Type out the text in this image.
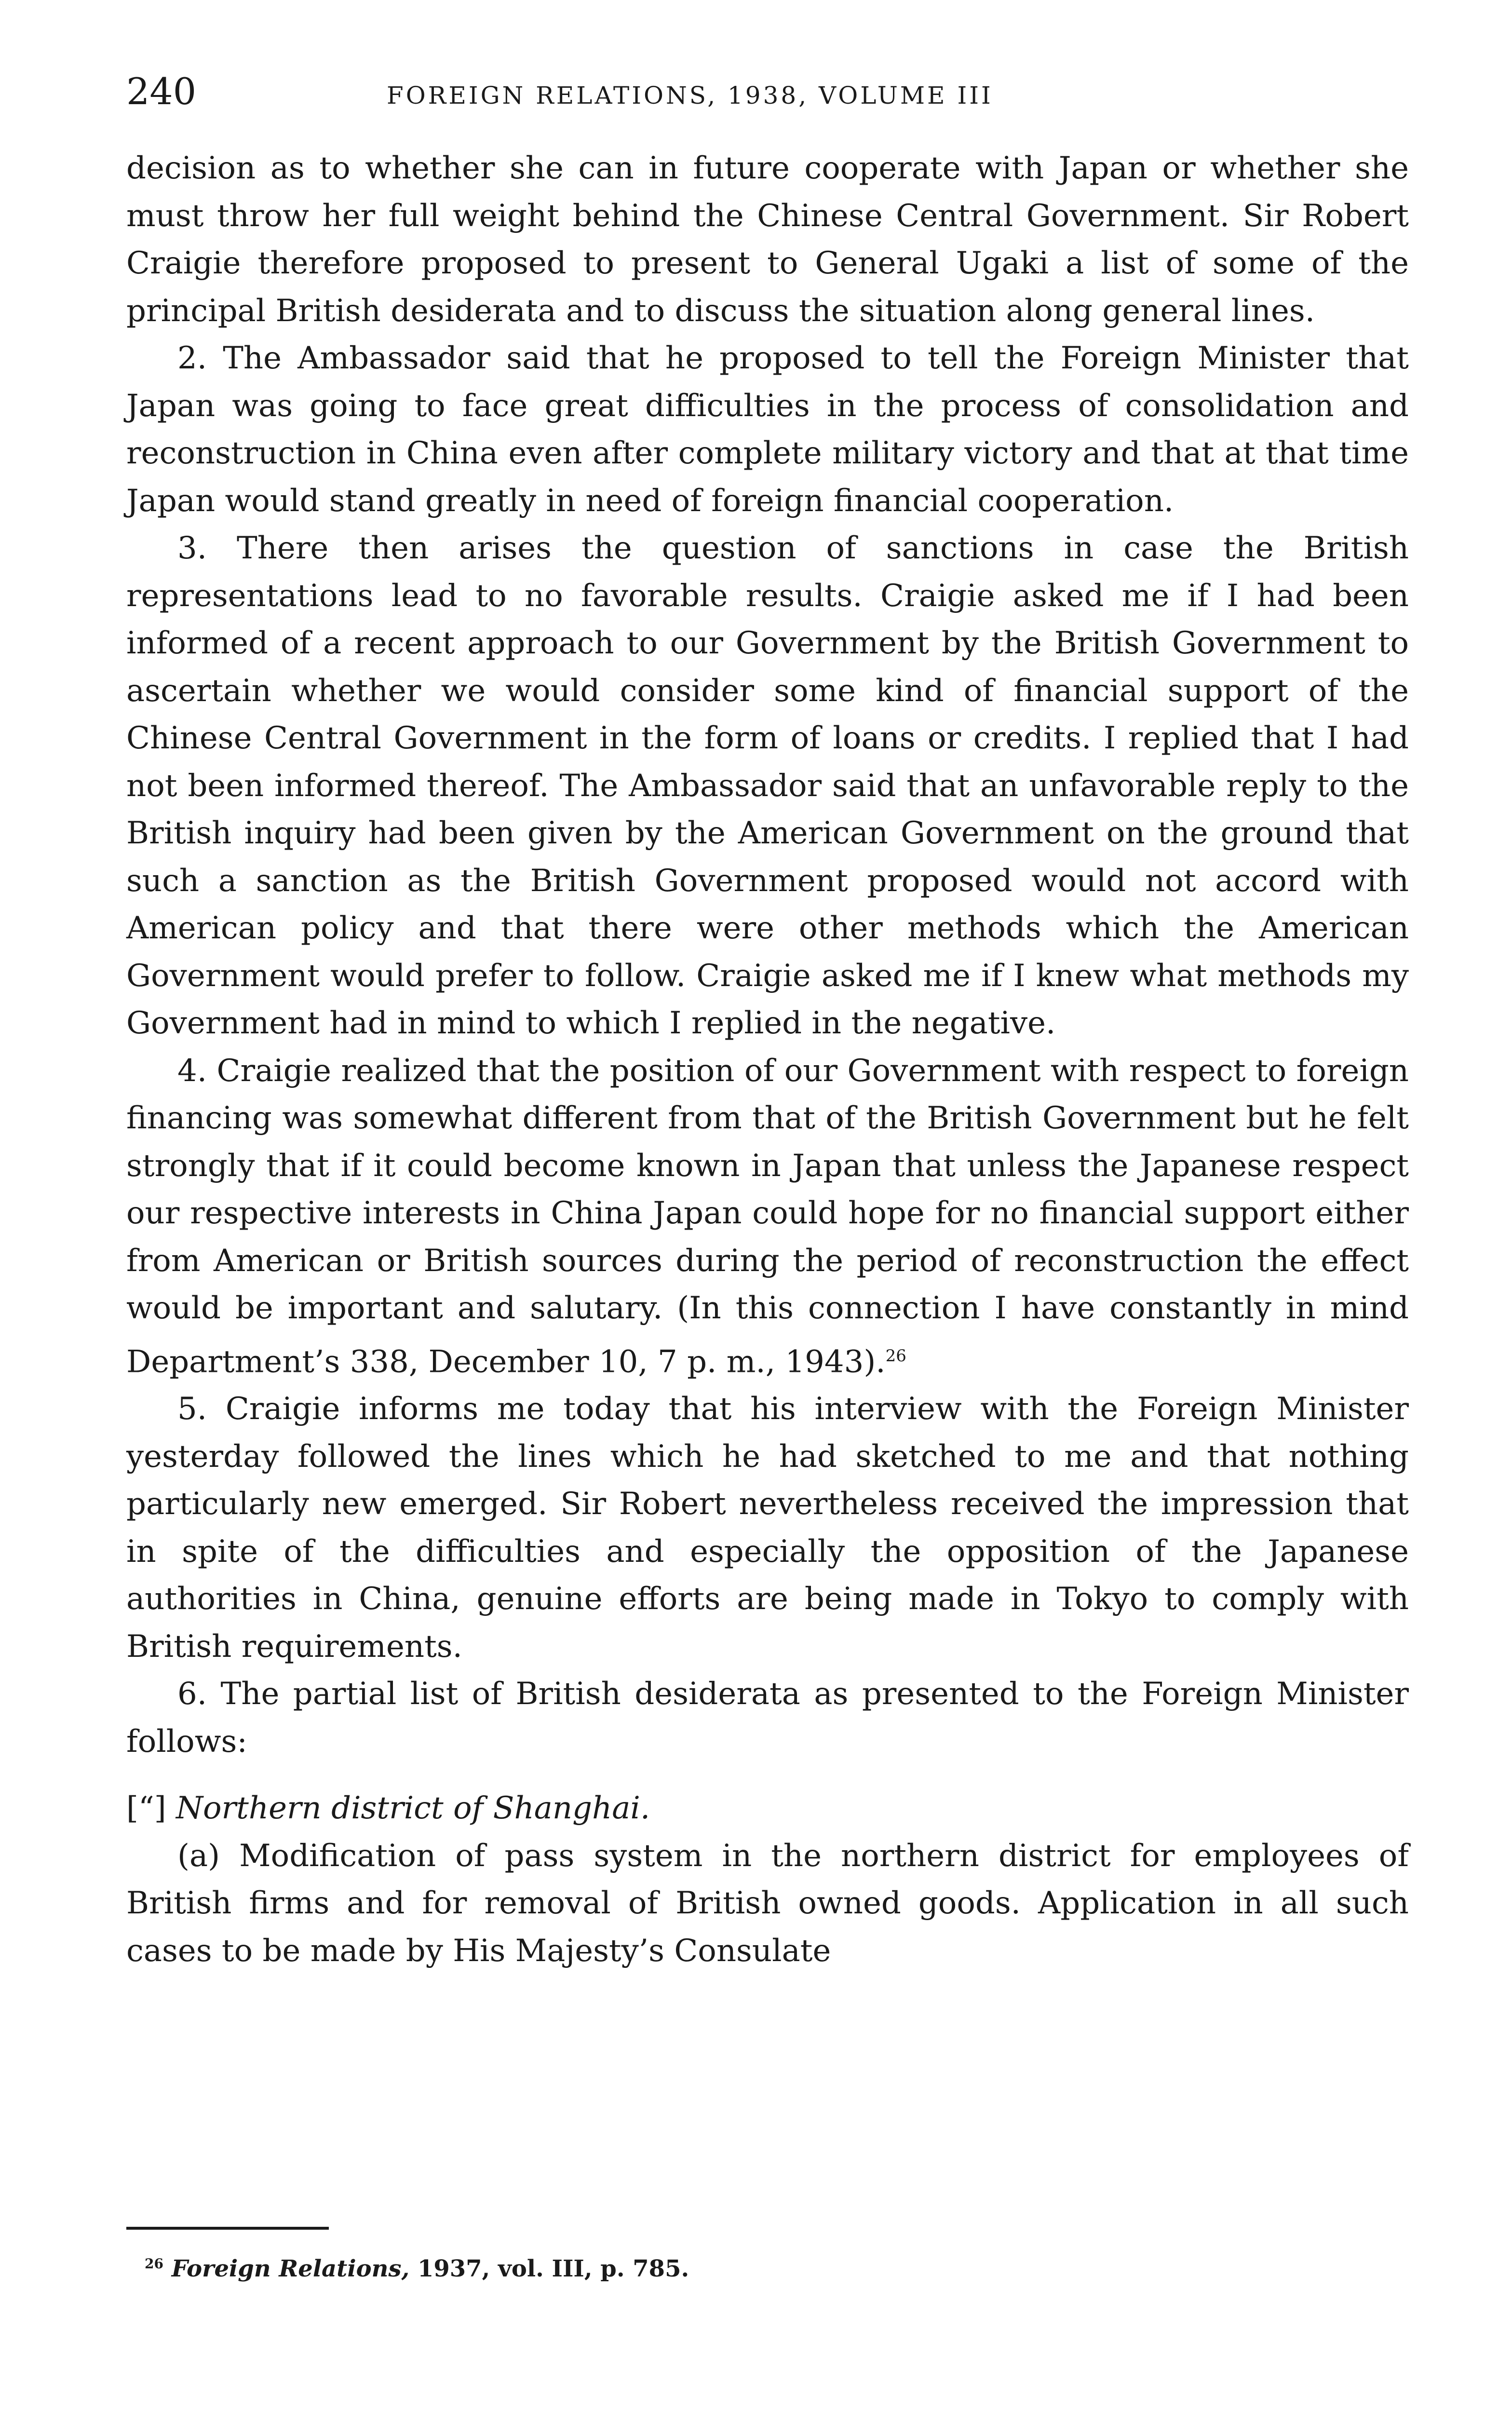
240	FOREIGN RELATIONS, 1938, VOLUME III

decision as to whether she can in future cooperate with Japan or whether she must throw her full weight behind the Chinese Central Government. Sir Robert Craigie therefore proposed to present to General Ugaki a list of some of the principal British desiderata and to discuss the situation along general lines.

2. The Ambassador said that he proposed to tell the Foreign Minister that Japan was going to face great difficulties in the process of consolidation and reconstruction in China even after complete military victory and that at that time Japan would stand greatly in need of foreign financial cooperation.

3. There then arises the question of sanctions in case the British representations lead to no favorable results. Craigie asked me if I had been informed of a recent approach to our Government by the British Government to ascertain whether we would consider some kind of financial support of the Chinese Central Government in the form of loans or credits. I replied that I had not been informed thereof. The Ambassador said that an unfavorable reply to the British inquiry had been given by the American Government on the ground that such a sanction as the British Government proposed would not accord with American policy and that there were other methods which the American Government would prefer to follow. Craigie asked me if I knew what methods my Government had in mind to which I replied in the negative.

4. Craigie realized that the position of our Government with respect to foreign financing was somewhat different from that of the British Government but he felt strongly that if it could become known in Japan that unless the Japanese respect our respective interests in China Japan could hope for no financial support either from American or British sources during the period of reconstruction the effect would be important and salutary. (In this connection I have constantly in mind Department’s 338, December 10, 7 p. m., 1943).$^{26}$

5. Craigie informs me today that his interview with the Foreign Minister yesterday followed the lines which he had sketched to me and that nothing particularly new emerged. Sir Robert nevertheless received the impression that in spite of the difficulties and especially the opposition of the Japanese authorities in China, genuine efforts are being made in Tokyo to comply with British requirements.

6. The partial list of British desiderata as presented to the Foreign Minister follows:

[“] Northern district of Shanghai.

(a) Modification of pass system in the northern district for employees of British firms and for removal of British owned goods. Application in all such cases to be made by His Majesty’s Consulate

$^{26}$ Foreign Relations, 1937, vol. III, p. 785.
